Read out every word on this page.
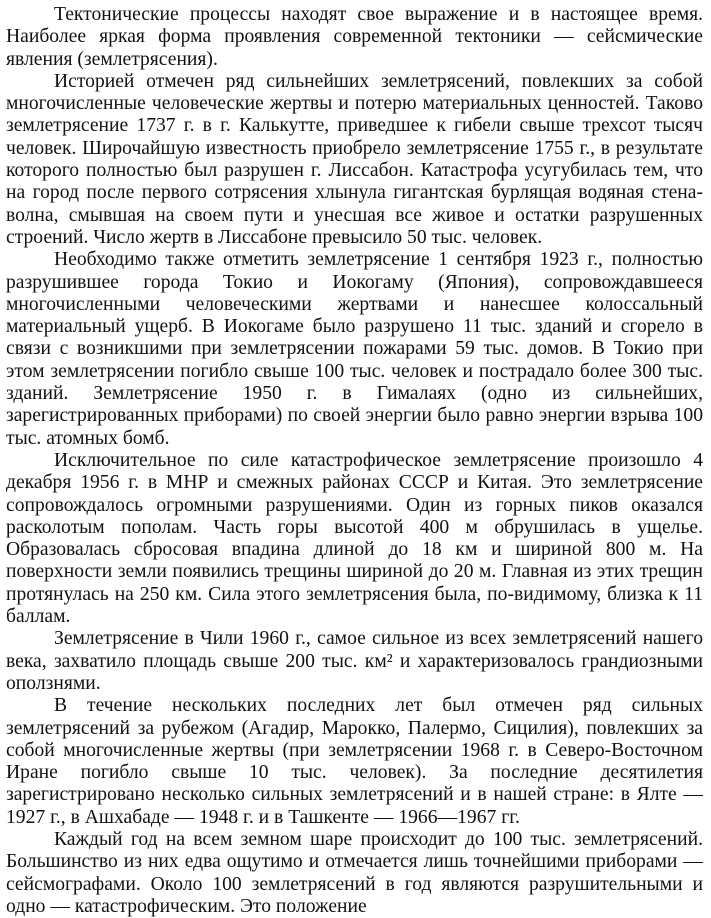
Тектонические процессы находят свое выражение и в настоящее время. Наиболее яркая форма проявления современной тектоники — сейсмические явления (землетрясения).

Историей отмечен ряд сильнейших землетрясений, повлекших за собой многочисленные человеческие жертвы и потерю материальных ценностей. Таково землетрясение 1737 г. в г. Калькутте, приведшее к гибели свыше трехсот тысяч человек. Широчайшую известность приобрело землетрясение 1755 г., в результате которого полностью был разрушен г. Лиссабон. Катастрофа усугубилась тем, что на город после первого сотрясения хлынула гигантская бурлящая водяная стена-волна, смывшая на своем пути и унесшая все живое и остатки разрушенных строений. Число жертв в Лиссабоне превысило 50 тыс. человек.

Необходимо также отметить землетрясение 1 сентября 1923 г., полностью разрушившее города Токио и Иокогаму (Япония), сопровождавшееся многочисленными человеческими жертвами и нанесшее колоссальный материальный ущерб. В Иокогаме было разрушено 11 тыс. зданий и сгорело в связи с возникшими при землетрясении пожарами 59 тыс. домов. В Токио при этом землетрясении погибло свыше 100 тыс. человек и пострадало более 300 тыс. зданий. Землетрясение 1950 г. в Гималаях (одно из сильнейших, зарегистрированных приборами) по своей энергии было равно энергии взрыва 100 тыс. атомных бомб.

Исключительное по силе катастрофическое землетрясение произошло 4 декабря 1956 г. в МНР и смежных районах СССР и Китая. Это землетрясение сопровождалось огромными разрушениями. Один из горных пиков оказался расколотым пополам. Часть горы высотой 400 м обрушилась в ущелье. Образовалась сбросовая впадина длиной до 18 км и шириной 800 м. На поверхности земли появились трещины шириной до 20 м. Главная из этих трещин протянулась на 250 км. Сила этого землетрясения была, по-видимому, близка к 11 баллам.

Землетрясение в Чили 1960 г., самое сильное из всех землетрясений нашего века, захватило площадь свыше 200 тыс. км² и характеризовалось грандиозными оползнями.

В течение нескольких последних лет был отмечен ряд сильных землетрясений за рубежом (Агадир, Марокко, Палермо, Сицилия), повлекших за собой многочисленные жертвы (при землетрясении 1968 г. в Северо-Восточном Иране погибло свыше 10 тыс. человек). За последние десятилетия зарегистрировано несколько сильных землетрясений и в нашей стране: в Ялте — 1927 г., в Ашхабаде — 1948 г. и в Ташкенте — 1966—1967 гг.

Каждый год на всем земном шаре происходит до 100 тыс. землетрясений. Большинство из них едва ощутимо и отмечается лишь точнейшими приборами — сейсмографами. Около 100 землетрясений в год являются разрушительными и одно — катастрофическим. Это положение
